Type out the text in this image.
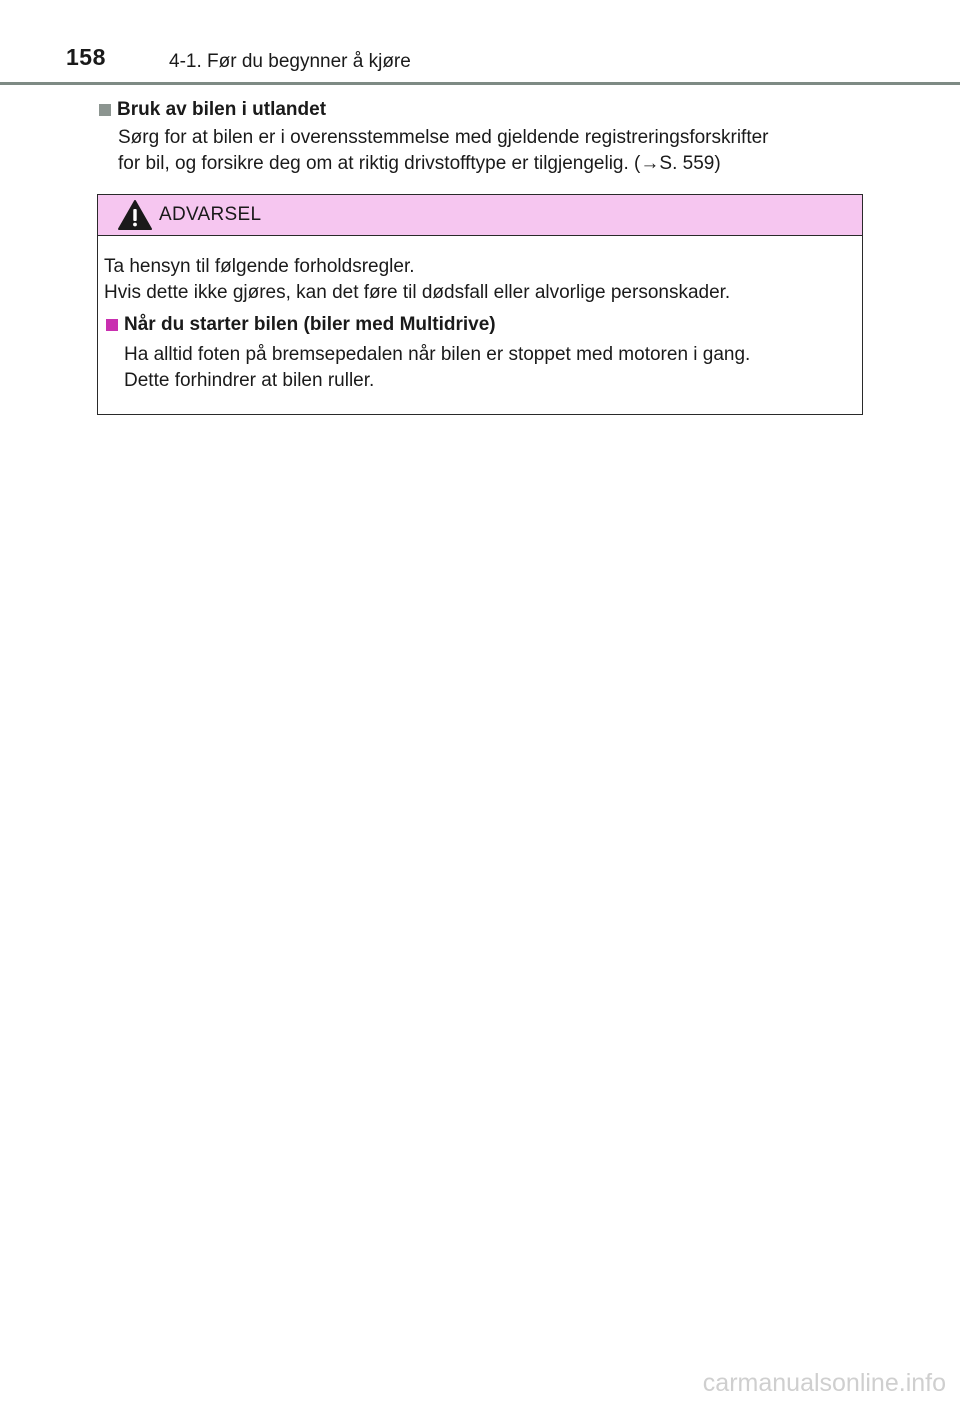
158	4-1. Før du begynner å kjøre
Bruk av bilen i utlandet
Sørg for at bilen er i overensstemmelse med gjeldende registreringsforskrifter
for bil, og forsikre deg om at riktig drivstofftype er tilgjengelig. (→S. 559)
ADVARSEL

Ta hensyn til følgende forholdsregler.
Hvis dette ikke gjøres, kan det føre til dødsfall eller alvorlige personskader.

Når du starter bilen (biler med Multidrive)

Ha alltid foten på bremsepedalen når bilen er stoppet med motoren i gang.
Dette forhindrer at bilen ruller.

carmanualsonline.info
